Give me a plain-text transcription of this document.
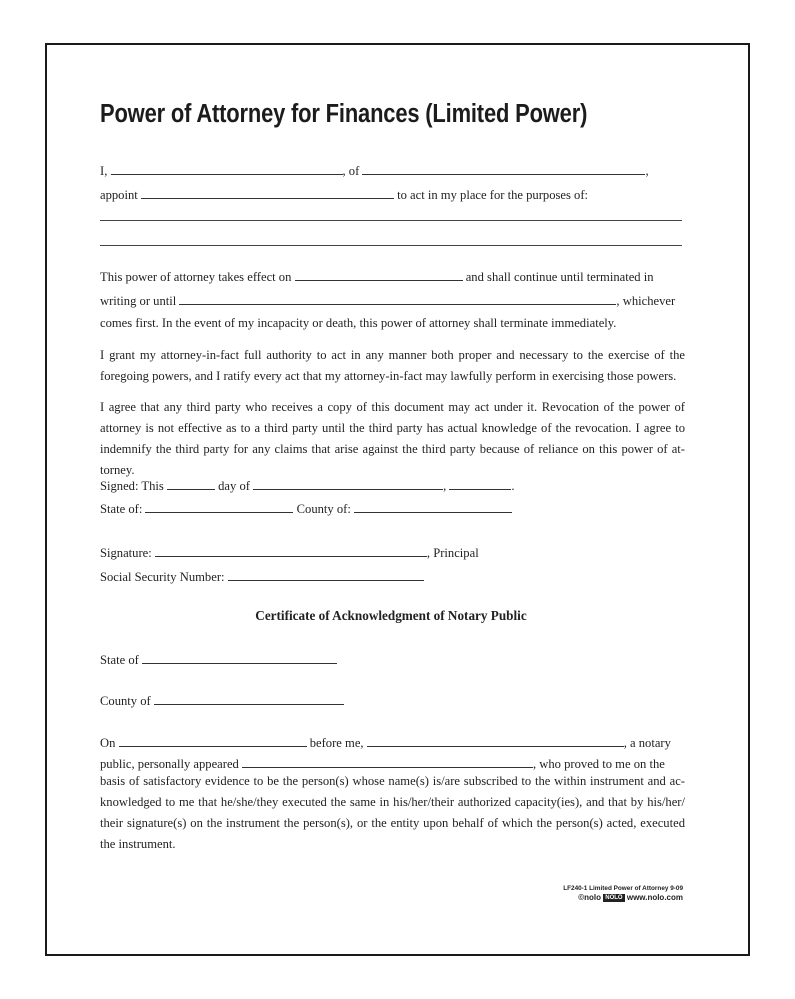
Power of Attorney for Finances (Limited Power)
I,	, of	,
appoint	to act in my place for the purposes of:
This power of attorney takes effect on	and shall continue until terminated in
writing or until	, whichever
comes first. In the event of my incapacity or death, this power of attorney shall terminate immediately.
I grant my attorney-in-fact full authority to act in any manner both proper and necessary to the exercise of the foregoing powers, and I ratify every act that my attorney-in-fact may lawfully perform in exercising those powers.
I agree that any third party who receives a copy of this document may act under it. Revocation of the power of attorney is not effective as to a third party until the third party has actual knowledge of the revocation. I agree to indemnify the third party for any claims that arise against the third party because of reliance on this power of at-torney.
Signed: This	day of	,	.
State of:	County of:
Signature:	, Principal
Social Security Number:
Certificate of Acknowledgment of Notary Public
State of
County of
On	before me,	, a notary
public, personally appeared	, who proved to me on the
basis of satisfactory evidence to be the person(s) whose name(s) is/are subscribed to the within instrument and ac-knowledged to me that he/she/they executed the same in his/her/their authorized capacity(ies), and that by his/her/ their signature(s) on the instrument the person(s), or the entity upon behalf of which the person(s) acted, executed the instrument.
LF240-1 Limited Power of Attorney 9-09
©nolo NOLO www.nolo.com
